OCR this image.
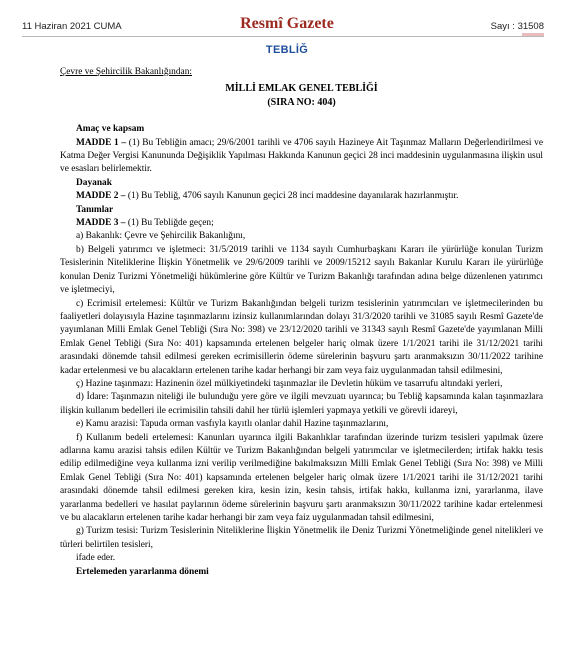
11 Haziran 2021 CUMA	Resmî Gazete	Sayı : 31508
TEBLİĞ

Çevre ve Şehircilik Bakanlığından:

MİLLİ EMLAK GENEL TEBLİĞİ

(SIRA NO: 404)

Amaç ve kapsam

MADDE 1 – (1) Bu Tebliğin amacı; 29/6/2001 tarihli ve 4706 sayılı Hazineye Ait Taşınmaz Malların Değerlendirilmesi ve Katma Değer Vergisi Kanununda Değişiklik Yapılması Hakkında Kanunun geçici 28 inci maddesinin uygulanmasına ilişkin usul ve esasları belirlemektir.

Dayanak

MADDE 2 – (1) Bu Tebliğ, 4706 sayılı Kanunun geçici 28 inci maddesine dayanılarak hazırlanmıştır.

Tanımlar

MADDE 3 – (1) Bu Tebliğde geçen;

a) Bakanlık: Çevre ve Şehircilik Bakanlığını,

b) Belgeli yatırımcı ve işletmeci: 31/5/2019 tarihli ve 1134 sayılı Cumhurbaşkanı Kararı ile yürürlüğe konulan Turizm Tesislerinin Niteliklerine İlişkin Yönetmelik ve 29/6/2009 tarihli ve 2009/15212 sayılı Bakanlar Kurulu Kararı ile yürürlüğe konulan Deniz Turizmi Yönetmeliği hükümlerine göre Kültür ve Turizm Bakanlığı tarafından adına belge düzenlenen yatırımcı ve işletmeciyi,

c) Ecrimisil ertelemesi: Kültür ve Turizm Bakanlığından belgeli turizm tesislerinin yatırımcıları ve işletmecilerinden bu faaliyetleri dolayısıyla Hazine taşınmazlarını izinsiz kullanımlarından dolayı 31/3/2020 tarihli ve 31085 sayılı Resmî Gazete'de yayımlanan Milli Emlak Genel Tebliği (Sıra No: 398) ve 23/12/2020 tarihli ve 31343 sayılı Resmî Gazete'de yayımlanan Milli Emlak Genel Tebliği (Sıra No: 401) kapsamında ertelenen belgeler hariç olmak üzere 1/1/2021 tarihi ile 31/12/2021 tarihi arasındaki dönemde tahsil edilmesi gereken ecrimisillerin ödeme sürelerinin başvuru şartı aranmaksızın 30/11/2022 tarihine kadar ertelenmesi ve bu alacakların ertelenen tarihe kadar herhangi bir zam veya faiz uygulanmadan tahsil edilmesini,

ç) Hazine taşınmazı: Hazinenin özel mülkiyetindeki taşınmazlar ile Devletin hüküm ve tasarrufu altındaki yerleri,

d) İdare: Taşınmazın niteliği ile bulunduğu yere göre ve ilgili mevzuatı uyarınca; bu Tebliğ kapsamında kalan taşınmazlara ilişkin kullanım bedelleri ile ecrimisilin tahsili dahil her türlü işlemleri yapmaya yetkili ve görevli idareyi,

e) Kamu arazisi: Tapuda orman vasfıyla kayıtlı olanlar dahil Hazine taşınmazlarını,

f) Kullanım bedeli ertelemesi: Kanunları uyarınca ilgili Bakanlıklar tarafından üzerinde turizm tesisleri yapılmak üzere adlarına kamu arazisi tahsis edilen Kültür ve Turizm Bakanlığından belgeli yatırımcılar ve işletmecilerden; irtifak hakkı tesis edilip edilmediğine veya kullanma izni verilip verilmediğine bakılmaksızın Milli Emlak Genel Tebliği (Sıra No: 398) ve Milli Emlak Genel Tebliği (Sıra No: 401) kapsamında ertelenen belgeler hariç olmak üzere 1/1/2021 tarihi ile 31/12/2021 tarihi arasındaki dönemde tahsil edilmesi gereken kira, kesin izin, kesin tahsis, irtifak hakkı, kullanma izni, yararlanma, ilave yararlanma bedelleri ve hasılat paylarının ödeme sürelerinin başvuru şartı aranmaksızın 30/11/2022 tarihine kadar ertelenmesi ve bu alacakların ertelenen tarihe kadar herhangi bir zam veya faiz uygulanmadan tahsil edilmesini,

g) Turizm tesisi: Turizm Tesislerinin Niteliklerine İlişkin Yönetmelik ile Deniz Turizmi Yönetmeliğinde genel nitelikleri ve türleri belirtilen tesisleri,

ifade eder.

Ertelemeden yararlanma dönemi
